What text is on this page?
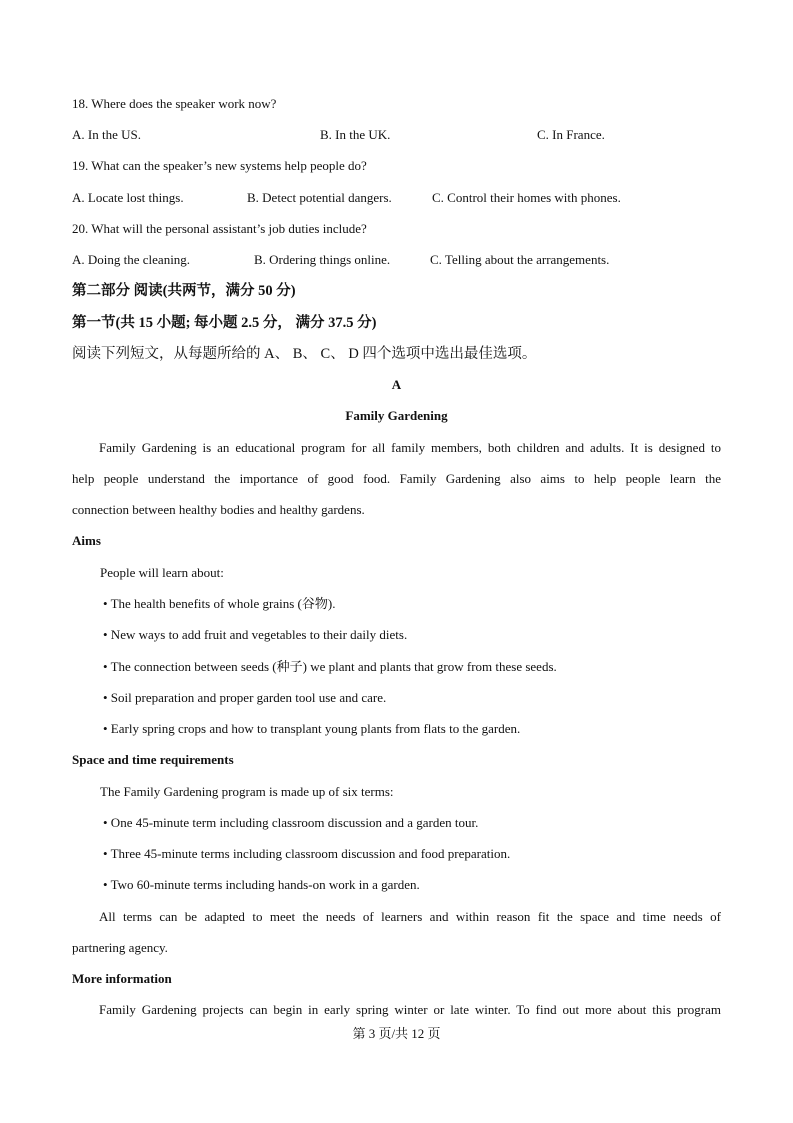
18. Where does the speaker work now?
A. In the US.	B. In the UK.	C. In France.
19. What can the speaker’s new systems help people do?
A. Locate lost things.	B. Detect potential dangers.	C. Control their homes with phones.
20. What will the personal assistant’s job duties include?
A. Doing the cleaning.	B. Ordering things online.	C. Telling about the arrangements.
第二部分 阅读(共两节，满分 50 分)
第一节(共 15 小题; 每小题 2.5 分， 满分 37.5 分)
阅读下列短文，从每题所给的 A、 B、 C、 D 四个选项中选出最佳选项。
A
Family Gardening
Family Gardening is an educational program for all family members, both children and adults. It is designed to
help people understand the importance of good food. Family Gardening also aims to help people learn the
connection between healthy bodies and healthy gardens.
Aims
People will learn about:
• The health benefits of whole grains (谷物).
• New ways to add fruit and vegetables to their daily diets.
• The connection between seeds (种子) we plant and plants that grow from these seeds.
• Soil preparation and proper garden tool use and care.
• Early spring crops and how to transplant young plants from flats to the garden.
Space and time requirements
The Family Gardening program is made up of six terms:
• One 45-minute term including classroom discussion and a garden tour.
• Three 45-minute terms including classroom discussion and food preparation.
• Two 60-minute terms including hands-on work in a garden.
All terms can be adapted to meet the needs of learners and within reason fit the space and time needs of
partnering agency.
More information
Family Gardening projects can begin in early spring winter or late winter. To find out more about this program
第 3 页/共 12 页
